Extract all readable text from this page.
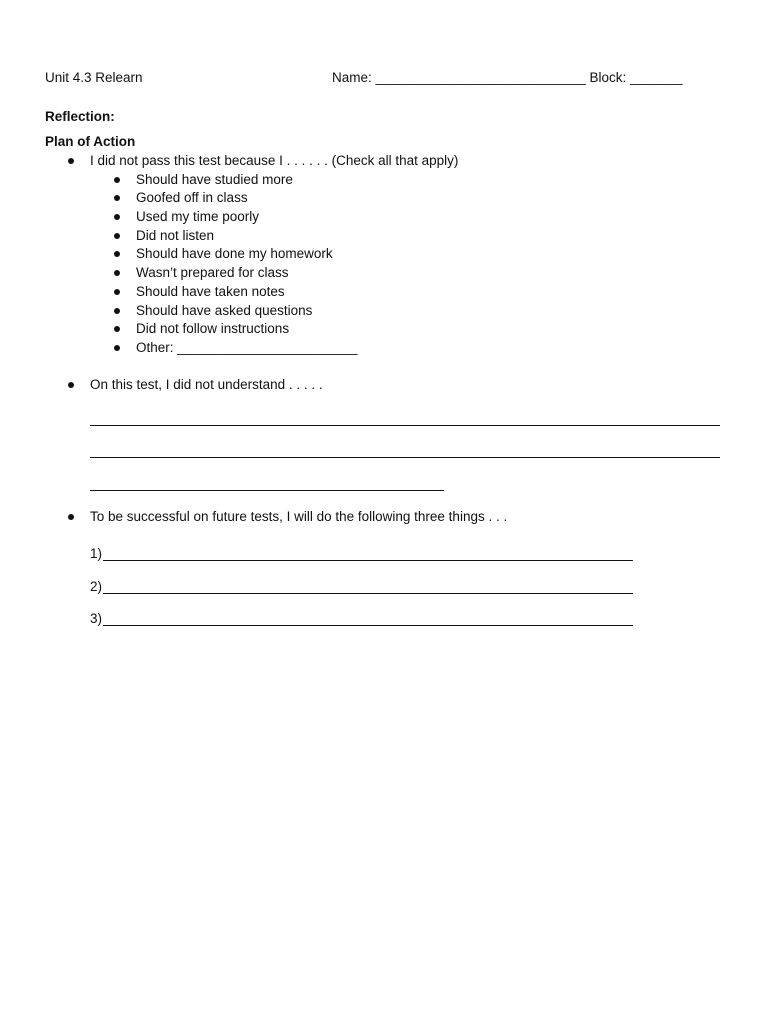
Unit 4.3 Relearn	Name: ____________________________ Block: _______
Reflection:
Plan of Action
I did not pass this test because I . . . . . . (Check all that apply)
Should have studied more
Goofed off in class
Used my time poorly
Did not listen
Should have done my homework
Wasn’t prepared for class
Should have taken notes
Should have asked questions
Did not follow instructions
Other: ________________________
On this test, I did not understand . . . . .
To be successful on future tests, I will do the following three things . . .
1)
2)
3)
